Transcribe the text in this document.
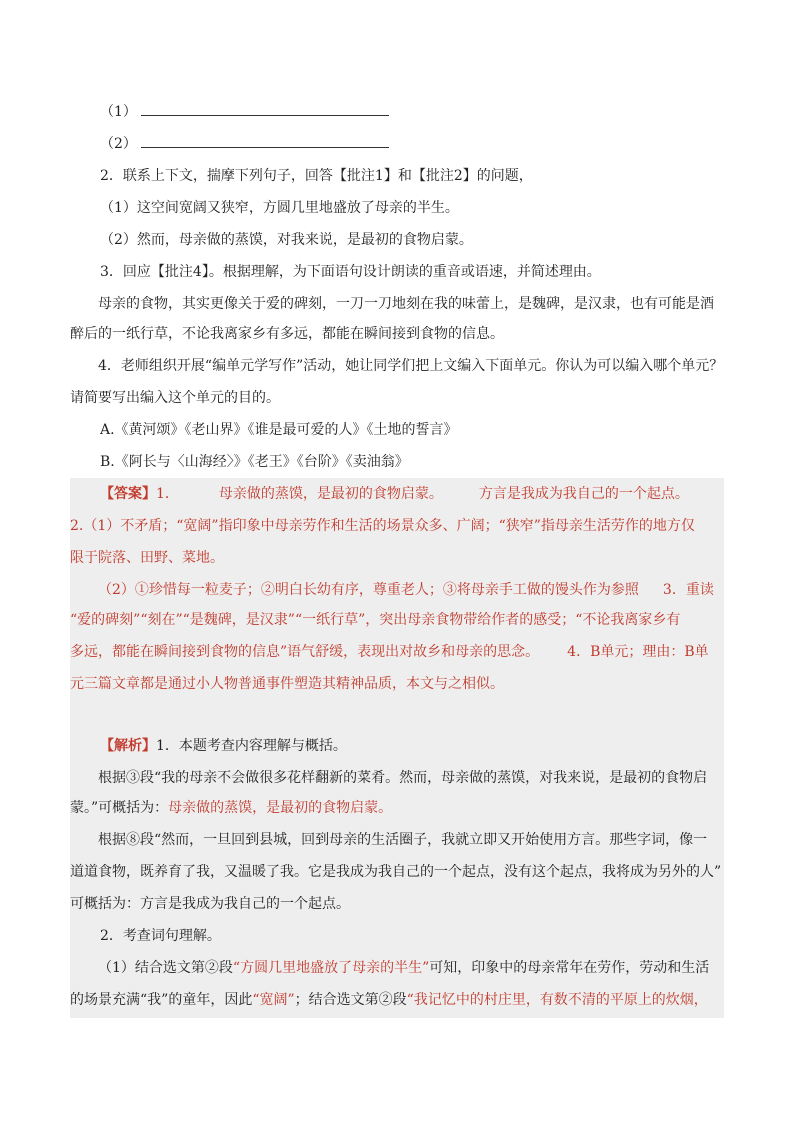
（1）
（2）
2．联系上下文，揣摩下列句子，回答【批注1】和【批注2】的问题，
（1）这空间宽阔又狭窄，方圆几里地盛放了母亲的半生。
（2）然而，母亲做的蒸馍，对我来说，是最初的食物启蒙。
3．回应【批注4】。根据理解，为下面语句设计朗读的重音或语速，并简述理由。
母亲的食物，其实更像关于爱的碑刻，一刀一刀地刻在我的味蕾上，是魏碑，是汉隶，也有可能是酒
醉后的一纸行草，不论我离家乡有多远，都能在瞬间接到食物的信息。
4．老师组织开展“编单元学写作”活动，她让同学们把上文编入下面单元。你认为可以编入哪个单元？
请简要写出编入这个单元的目的。
A.《黄河颂》《老山界》《谁是最可爱的人》《土地的誓言》
B.《阿长与〈山海经〉》《老王》《台阶》《卖油翁》
【答案】1．	母亲做的蒸馍，是最初的食物启蒙。	方言是我成为我自己的一个起点。
2.（1）不矛盾；“宽阔”指印象中母亲劳作和生活的场景众多、广阔；“狭窄”指母亲生活劳作的地方仅
限于院落、田野、菜地。
（2）①珍惜每一粒麦子；②明白长幼有序，尊重老人；③将母亲手工做的馒头作为参照 3．重读
“爱的碑刻”“刻在”“是魏碑，是汉隶”“一纸行草”，突出母亲食物带给作者的感受；“不论我离家乡有
多远，都能在瞬间接到食物的信息”语气舒缓，表现出对故乡和母亲的思念。 4．B单元；理由：B单
元三篇文章都是通过小人物普通事件塑造其精神品质，本文与之相似。
【解析】1．本题考查内容理解与概括。
根据③段“我的母亲不会做很多花样翻新的菜肴。然而，母亲做的蒸馍，对我来说，是最初的食物启
蒙。”可概括为：母亲做的蒸馍，是最初的食物启蒙。
根据⑧段“然而，一旦回到县城，回到母亲的生活圈子，我就立即又开始使用方言。那些字词，像一
道道食物，既养育了我，又温暖了我。它是我成为我自己的一个起点，没有这个起点，我将成为另外的人”
可概括为：方言是我成为我自己的一个起点。
2．考查词句理解。
（1）结合选文第②段“方圆几里地盛放了母亲的半生”可知，印象中的母亲常年在劳作，劳动和生活
的场景充满“我”的童年，因此“宽阔”；结合选文第②段“我记忆中的村庄里，有数不清的平原上的炊烟，
